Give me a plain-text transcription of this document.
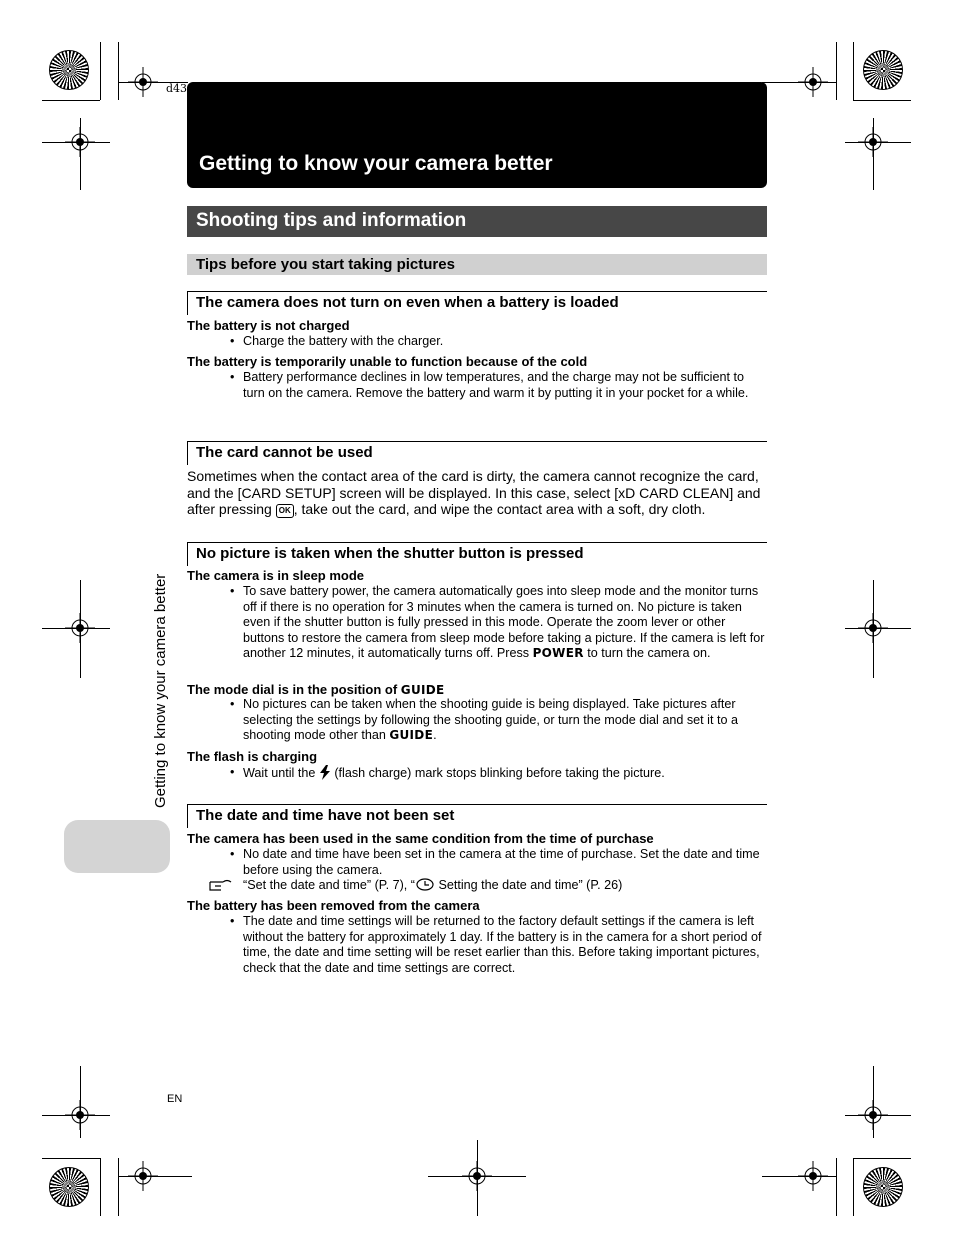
d43
Getting to know your camera better
Shooting tips and information
Tips before you start taking pictures
The camera does not turn on even when a battery is loaded
The battery is not charged
• Charge the battery with the charger.
The battery is temporarily unable to function because of the cold
• Battery performance declines in low temperatures, and the charge may not be sufficient to turn on the camera. Remove the battery and warm it by putting it in your pocket for a while.
The card cannot be used
Sometimes when the contact area of the card is dirty, the camera cannot recognize the card, and the [CARD SETUP] screen will be displayed. In this case, select [xD CARD CLEAN] and after pressing OK , take out the card, and wipe the contact area with a soft, dry cloth.
No picture is taken when the shutter button is pressed
The camera is in sleep mode
• To save battery power, the camera automatically goes into sleep mode and the monitor turns off if there is no operation for 3 minutes when the camera is turned on. No picture is taken even if the shutter button is fully pressed in this mode. Operate the zoom lever or other buttons to restore the camera from sleep mode before taking a picture. If the camera is left for another 12 minutes, it automatically turns off. Press POWER to turn the camera on.
The mode dial is in the position of GUIDE
• No pictures can be taken when the shooting guide is being displayed. Take pictures after selecting the settings by following the shooting guide, or turn the mode dial and set it to a shooting mode other than GUIDE.
The flash is charging
• Wait until the (flash charge) mark stops blinking before taking the picture.
The date and time have not been set
The camera has been used in the same condition from the time of purchase
• No date and time have been set in the camera at the time of purchase. Set the date and time before using the camera.
“Set the date and time” (P. 7), “ Setting the date and time” (P. 26)
The battery has been removed from the camera
• The date and time settings will be returned to the factory default settings if the camera is left without the battery for approximately 1 day. If the battery is in the camera for a short period of time, the date and time setting will be reset earlier than this. Before taking important pictures, check that the date and time settings are correct.
Getting to know your camera better
EN
